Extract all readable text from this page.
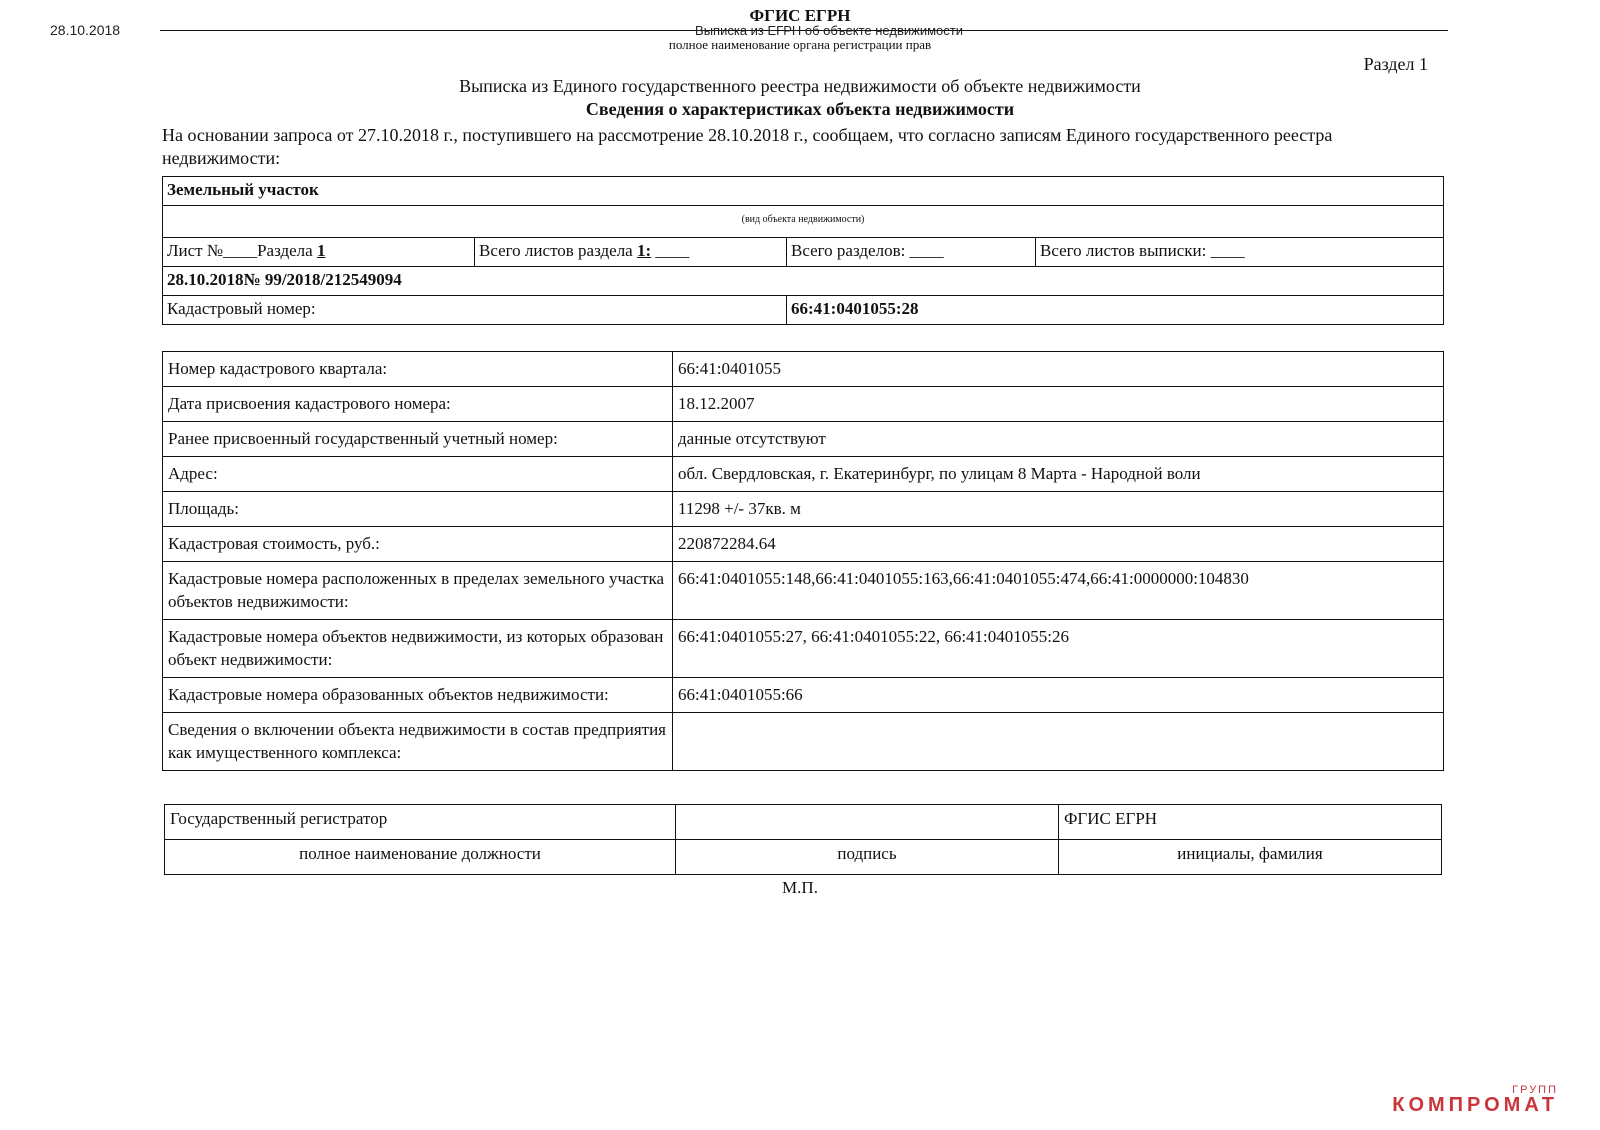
28.10.2018
ФГИС ЕГРН
Выписка из ЕГРН об объекте недвижимости
полное наименование органа регистрации прав
Раздел 1
Выписка из Единого государственного реестра недвижимости об объекте недвижимости
Сведения о характеристиках объекта недвижимости
На основании запроса от 27.10.2018 г., поступившего на рассмотрение 28.10.2018 г., сообщаем, что согласно записям Единого государственного реестра недвижимости:
Земельный участок			
(вид объекта недвижимости)			
Лист №____Раздела 1	Всего листов раздела 1: ____	Всего разделов: ____	Всего листов выписки: ____
28.10.2018№ 99/2018/212549094			
Кадастровый номер:		66:41:0401055:28	
Номер кадастрового квартала:	66:41:0401055
Дата присвоения кадастрового номера:	18.12.2007
Ранее присвоенный государственный учетный номер:	данные отсутствуют
Адрес:	обл. Свердловская, г. Екатеринбург, по улицам 8 Марта - Народной воли
Площадь:	11298 +/- 37кв. м
Кадастровая стоимость, руб.:	220872284.64
Кадастровые номера расположенных в пределах земельного участка объектов недвижимости:	66:41:0401055:148,66:41:0401055:163,66:41:0401055:474,66:41:0000000:104830
Кадастровые номера объектов недвижимости, из которых образован объект недвижимости:	66:41:0401055:27, 66:41:0401055:22, 66:41:0401055:26
Кадастровые номера образованных объектов недвижимости:	66:41:0401055:66
Сведения о включении объекта недвижимости в состав предприятия как имущественного комплекса:	
Государственный регистратор		ФГИС ЕГРН
полное наименование должности	подпись	инициалы, фамилия
М.П.
ГРУПП
КОМПРОМАТ
